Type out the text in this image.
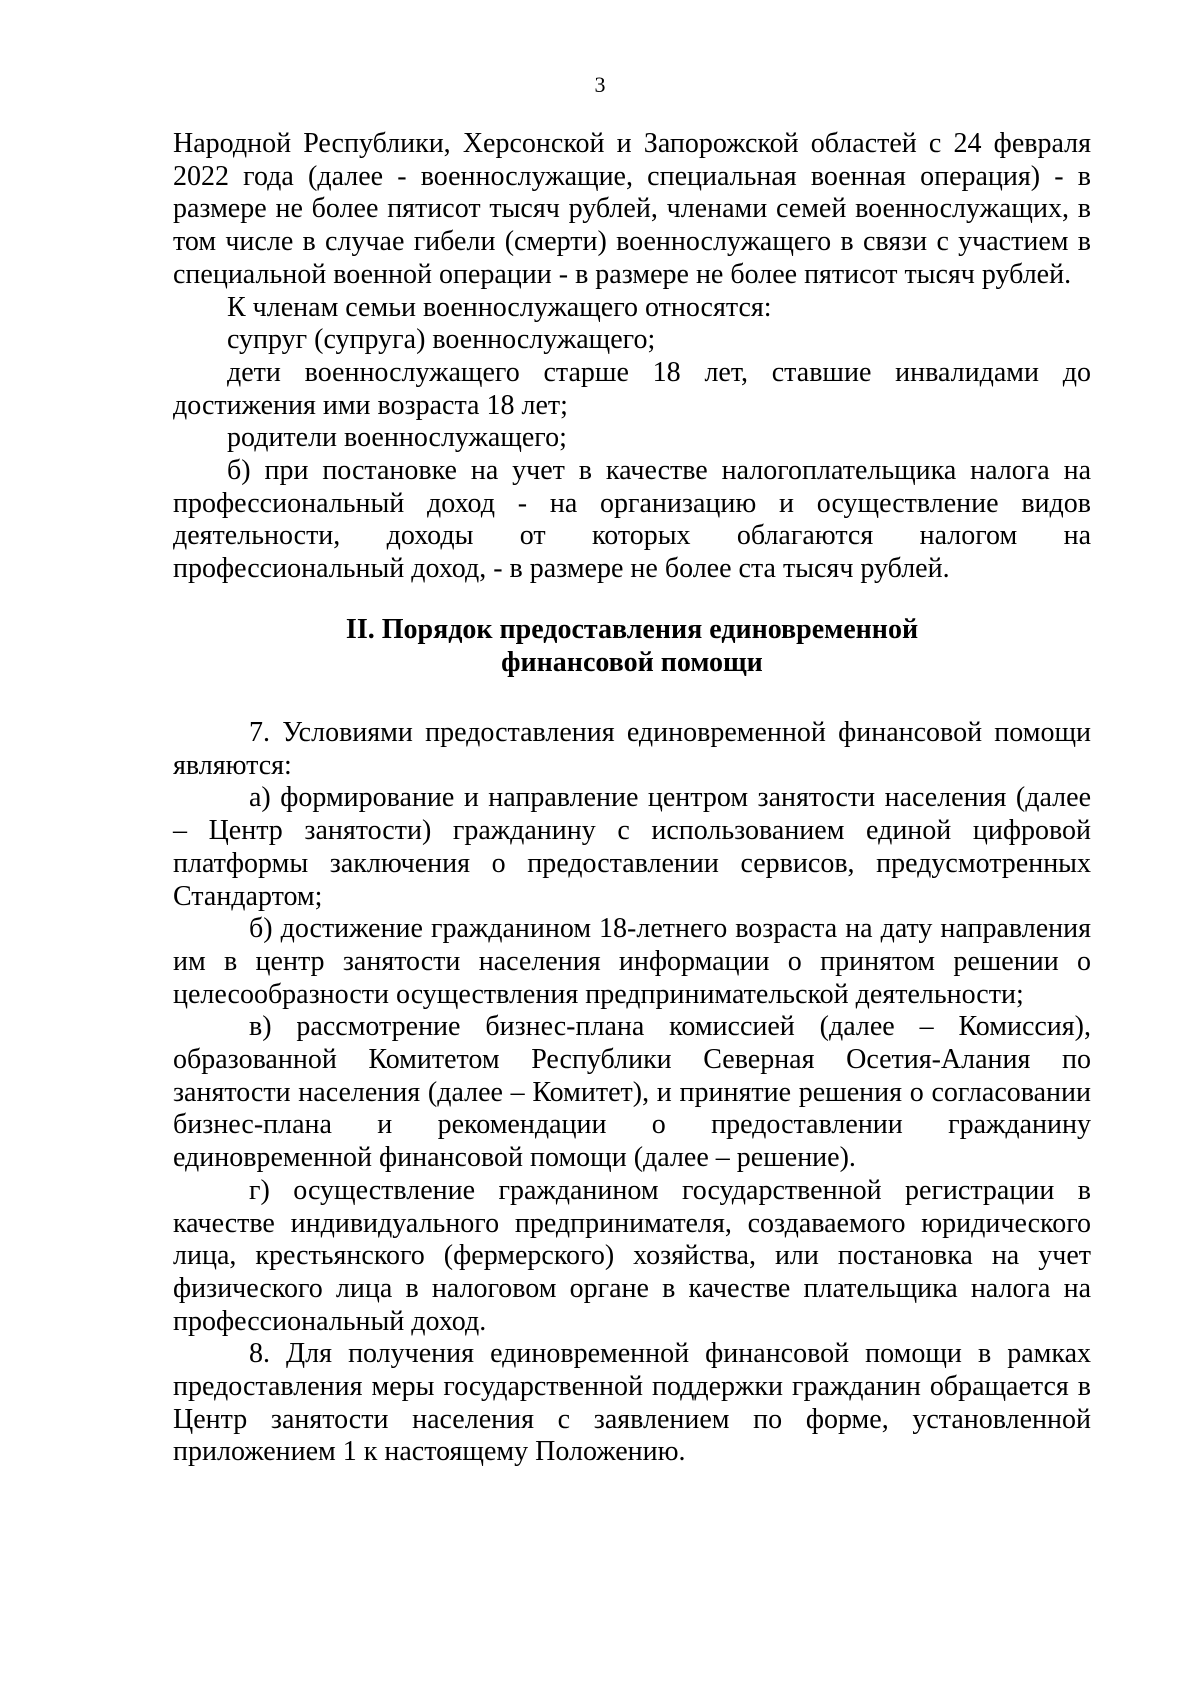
3

Народной Республики, Херсонской и Запорожской областей с 24 февраля 2022 года (далее - военнослужащие, специальная военная операция) - в размере не более пятисот тысяч рублей, членами семей военнослужащих, в том числе в случае гибели (смерти) военнослужащего в связи с участием в специальной военной операции - в размере не более пятисот тысяч рублей.

К членам семьи военнослужащего относятся:

супруг (супруга) военнослужащего;

дети военнослужащего старше 18 лет, ставшие инвалидами до достижения ими возраста 18 лет;

родители военнослужащего;

б) при постановке на учет в качестве налогоплательщика налога на профессиональный доход - на организацию и осуществление видов деятельности, доходы от которых облагаются налогом на профессиональный доход, - в размере не более ста тысяч рублей.

II. Порядок предоставления единовременной
финансовой помощи

7. Условиями предоставления единовременной финансовой помощи являются:

а) формирование и направление центром занятости населения (далее – Центр занятости) гражданину с использованием единой цифровой платформы заключения о предоставлении сервисов, предусмотренных Стандартом;

б) достижение гражданином 18-летнего возраста на дату направления им в центр занятости населения информации о принятом решении о целесообразности осуществления предпринимательской деятельности;

в) рассмотрение бизнес-плана комиссией (далее – Комиссия), образованной Комитетом Республики Северная Осетия-Алания по занятости населения (далее – Комитет), и принятие решения о согласовании бизнес-плана и рекомендации о предоставлении гражданину единовременной финансовой помощи (далее – решение).

г) осуществление гражданином государственной регистрации в качестве индивидуального предпринимателя, создаваемого юридического лица, крестьянского (фермерского) хозяйства, или постановка на учет физического лица в налоговом органе в качестве плательщика налога на профессиональный доход.

8. Для получения единовременной финансовой помощи в рамках предоставления меры государственной поддержки гражданин обращается в Центр занятости населения с заявлением по форме, установленной приложением 1 к настоящему Положению.
